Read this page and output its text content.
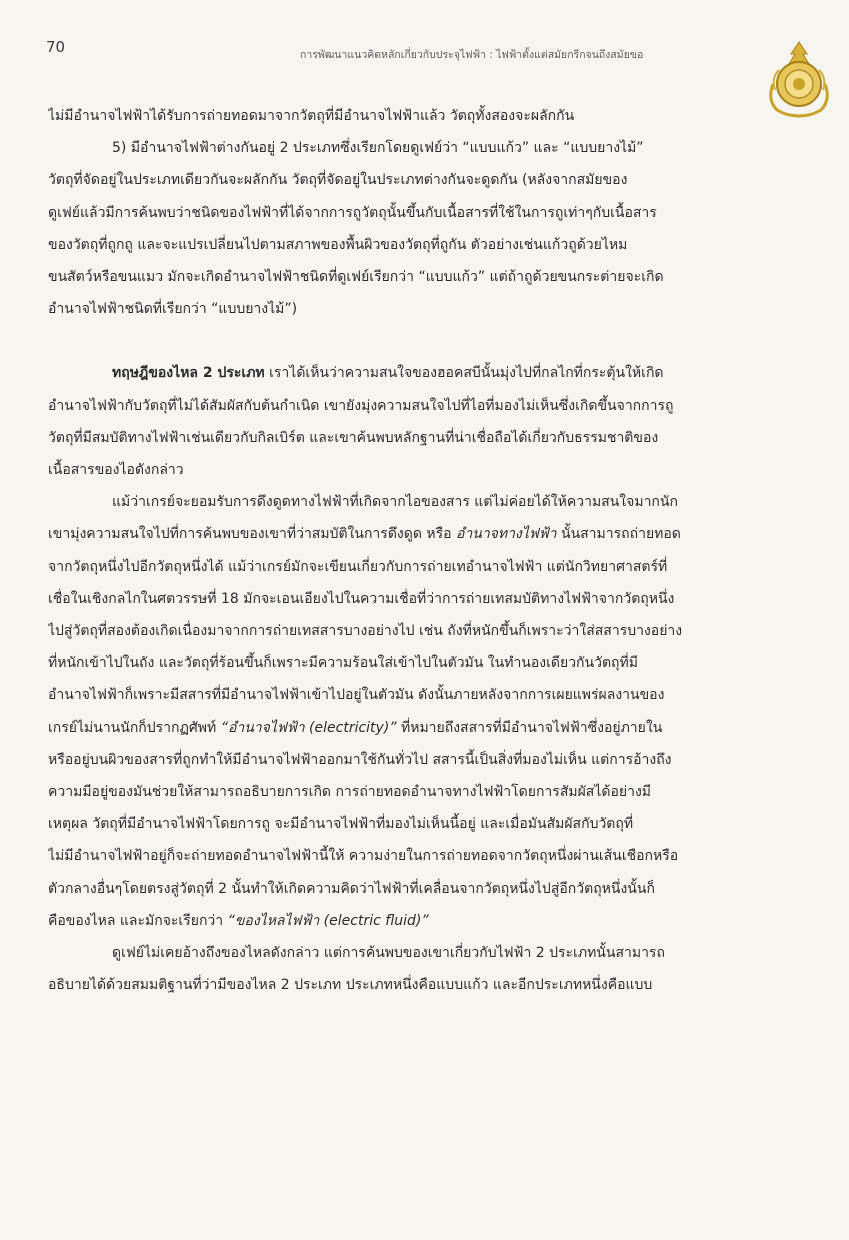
70	การพัฒนาแนวคิดหลักเกี่ยวกับประจุไฟฟ้า : ไฟฟ้าตั้งแต่สมัยกรีกจนถึงสมัยขอ
ไม่มีอำนาจไฟฟ้าได้รับการถ่ายทอดมาจากวัตถุที่มีอำนาจไฟฟ้าแล้ว วัตถุทั้งสองจะผลักกัน
5) มีอำนาจไฟฟ้าต่างกันอยู่ 2 ประเภทซึ่งเรียกโดยดูเฟย์ว่า “แบบแก้ว” และ “แบบยางไม้”
วัตถุที่จัดอยู่ในประเภทเดียวกันจะผลักกัน วัตถุที่จัดอยู่ในประเภทต่างกันจะดูดกัน (หลังจากสมัยของ
ดูเฟย์แล้วมีการค้นพบว่าชนิดของไฟฟ้าที่ได้จากการถูวัตถุนั้นขึ้นกับเนื้อสารที่ใช้ในการถูเท่าๆกับเนื้อสาร
ของวัตถุที่ถูกถู และจะแปรเปลี่ยนไปตามสภาพของพื้นผิวของวัตถุที่ถูกัน ตัวอย่างเช่นแก้วถูด้วยไหม
ขนสัตว์หรือขนแมว มักจะเกิดอำนาจไฟฟ้าชนิดที่ดูเฟย์เรียกว่า “แบบแก้ว” แต่ถ้าถูด้วยขนกระต่ายจะเกิด
อำนาจไฟฟ้าชนิดที่เรียกว่า “แบบยางไม้”)
ทฤษฎีของไหล 2 ประเภท เราได้เห็นว่าความสนใจของฮอคสบีนั้นมุ่งไปที่กลไกที่กระตุ้นให้เกิด
อำนาจไฟฟ้ากับวัตถุที่ไม่ได้สัมผัสกับต้นกำเนิด เขายังมุ่งความสนใจไปที่ไอที่มองไม่เห็นซึ่งเกิดขึ้นจากการถู
วัตถุที่มีสมบัติทางไฟฟ้าเช่นเดียวกับกิลเบิร์ต และเขาค้นพบหลักฐานที่น่าเชื่อถือได้เกี่ยวกับธรรมชาติของ
เนื้อสารของไอดังกล่าว
แม้ว่าเกรย์จะยอมรับการดึงดูดทางไฟฟ้าที่เกิดจากไอของสาร แต่ไม่ค่อยได้ให้ความสนใจมากนัก
เขามุ่งความสนใจไปที่การค้นพบของเขาที่ว่าสมบัติในการดึงดูด หรือ อำนาจทางไฟฟ้า นั้นสามารถถ่ายทอด
จากวัตถุหนึ่งไปอีกวัตถุหนึ่งได้ แม้ว่าเกรย์มักจะเขียนเกี่ยวกับการถ่ายเทอำนาจไฟฟ้า แต่นักวิทยาศาสตร์ที่
เชื่อในเชิงกลไกในศตวรรษที่ 18 มักจะเอนเอียงไปในความเชื่อที่ว่าการถ่ายเทสมบัติทางไฟฟ้าจากวัตถุหนึ่ง
ไปสู่วัตถุที่สองต้องเกิดเนื่องมาจากการถ่ายเทสสารบางอย่างไป เช่น ถังที่หนักขึ้นก็เพราะว่าใส่สสารบางอย่าง
ที่หนักเข้าไปในถัง และวัตถุที่ร้อนขึ้นก็เพราะมีความร้อนใส่เข้าไปในตัวมัน ในทำนองเดียวกันวัตถุที่มี
อำนาจไฟฟ้าก็เพราะมีสสารที่มีอำนาจไฟฟ้าเข้าไปอยู่ในตัวมัน ดังนั้นภายหลังจากการเผยแพร่ผลงานของ
เกรย์ไม่นานนักก็ปรากฏศัพท์ “อำนาจไฟฟ้า (electricity)” ที่หมายถึงสสารที่มีอำนาจไฟฟ้าซึ่งอยู่ภายใน
หรืออยู่บนผิวของสารที่ถูกทำให้มีอำนาจไฟฟ้าออกมาใช้กันทั่วไป สสารนี้เป็นสิ่งที่มองไม่เห็น แต่การอ้างถึง
ความมีอยู่ของมันช่วยให้สามารถอธิบายการเกิด การถ่ายทอดอำนาจทางไฟฟ้าโดยการสัมผัสได้อย่างมี
เหตุผล วัตถุที่มีอำนาจไฟฟ้าโดยการถู จะมีอำนาจไฟฟ้าที่มองไม่เห็นนี้อยู่ และเมื่อมันสัมผัสกับวัตถุที่
ไม่มีอำนาจไฟฟ้าอยู่ก็จะถ่ายทอดอำนาจไฟฟ้านี้ให้ ความง่ายในการถ่ายทอดจากวัตถุหนึ่งผ่านเส้นเชือกหรือ
ตัวกลางอื่นๆโดยตรงสู่วัตถุที่ 2 นั้นทำให้เกิดความคิดว่าไฟฟ้าที่เคลื่อนจากวัตถุหนึ่งไปสู่อีกวัตถุหนึ่งนั้นก็
คือของไหล และมักจะเรียกว่า “ของไหลไฟฟ้า (electric fluid)”
ดูเฟย์ไม่เคยอ้างถึงของไหลดังกล่าว แต่การค้นพบของเขาเกี่ยวกับไฟฟ้า 2 ประเภทนั้นสามารถ
อธิบายได้ด้วยสมมติฐานที่ว่ามีของไหล 2 ประเภท ประเภทหนึ่งคือแบบแก้ว และอีกประเภทหนึ่งคือแบบ
